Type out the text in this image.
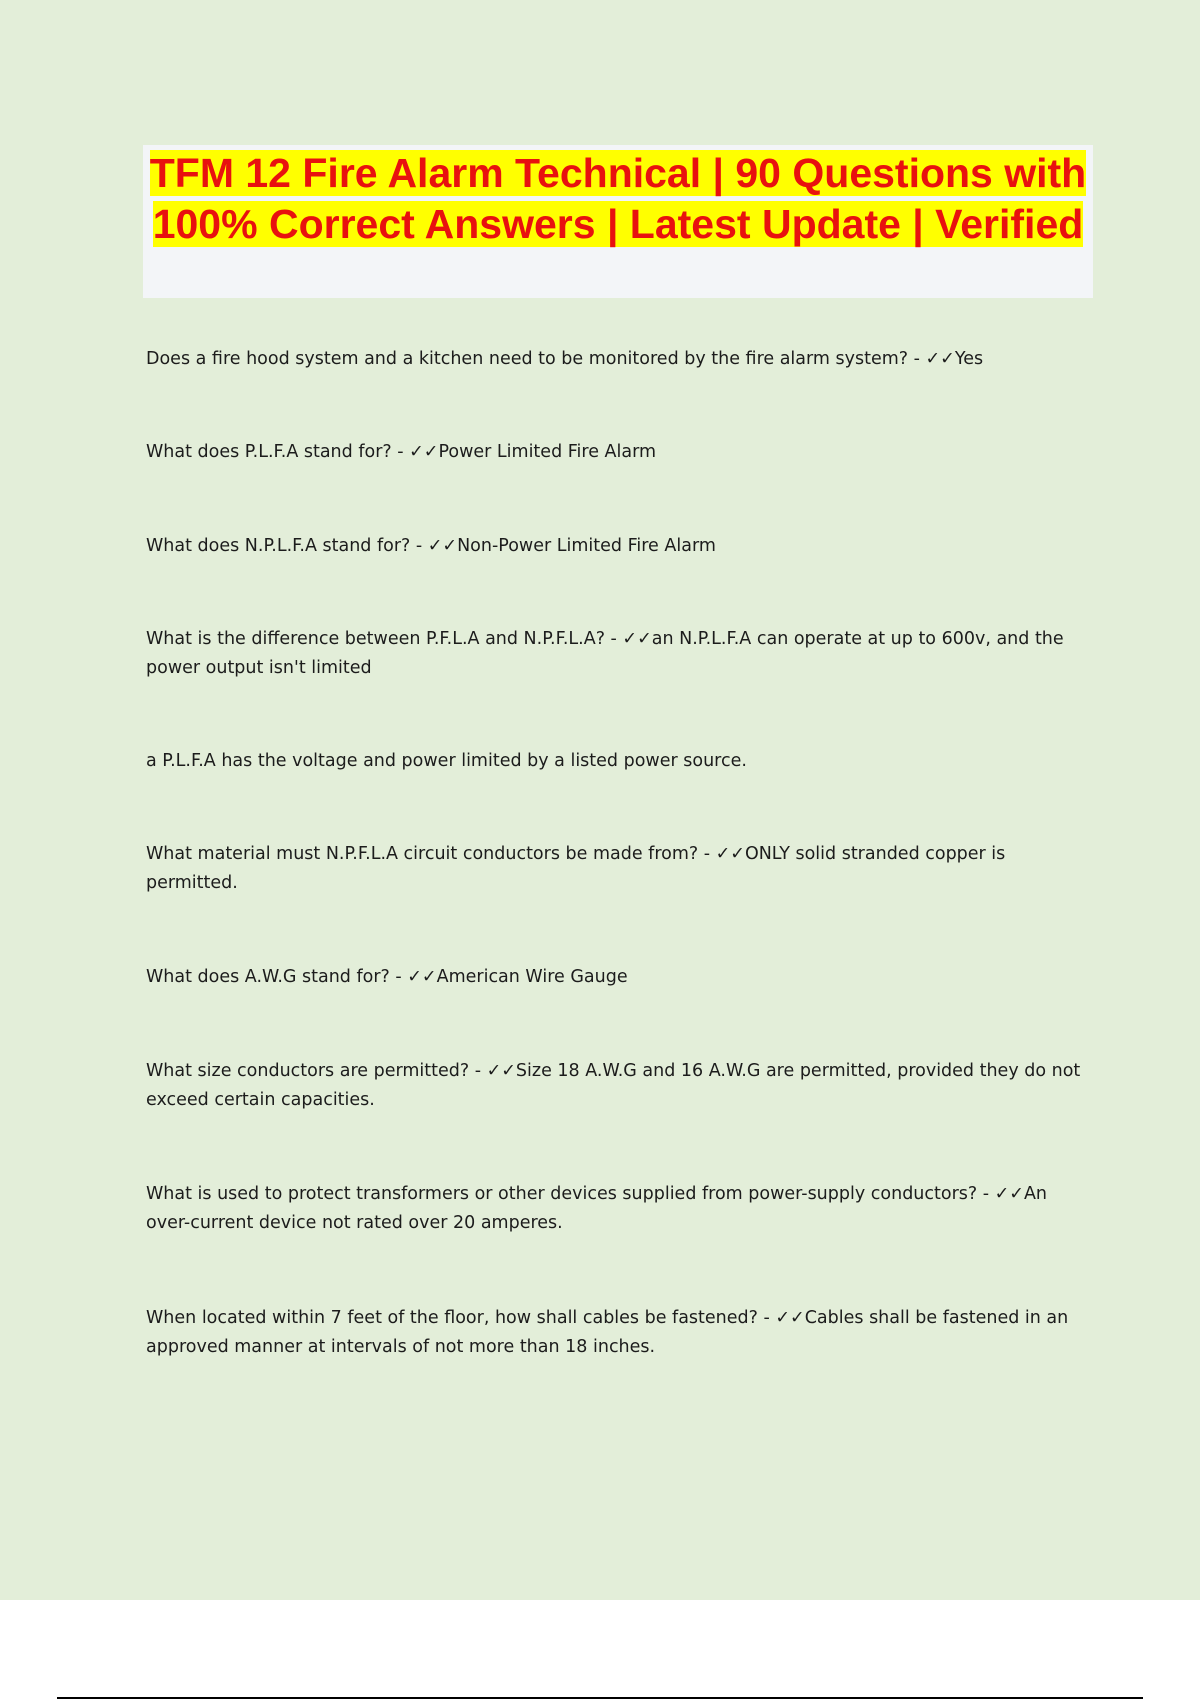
TFM 12 Fire Alarm Technical | 90 Questions with 100% Correct Answers | Latest Update | Verified

Does a fire hood system and a kitchen need to be monitored by the fire alarm system? - ✓✓Yes

What does P.L.F.A stand for? - ✓✓Power Limited Fire Alarm

What does N.P.L.F.A stand for? - ✓✓Non-Power Limited Fire Alarm

What is the difference between P.F.L.A and N.P.F.L.A? - ✓✓an N.P.L.F.A can operate at up to 600v, and the power output isn't limited

a P.L.F.A has the voltage and power limited by a listed power source.

What material must N.P.F.L.A circuit conductors be made from? - ✓✓ONLY solid stranded copper is permitted.

What does A.W.G stand for? - ✓✓American Wire Gauge

What size conductors are permitted? - ✓✓Size 18 A.W.G and 16 A.W.G are permitted, provided they do not exceed certain capacities.

What is used to protect transformers or other devices supplied from power-supply conductors? - ✓✓An over-current device not rated over 20 amperes.

When located within 7 feet of the floor, how shall cables be fastened? - ✓✓Cables shall be fastened in an approved manner at intervals of not more than 18 inches.
